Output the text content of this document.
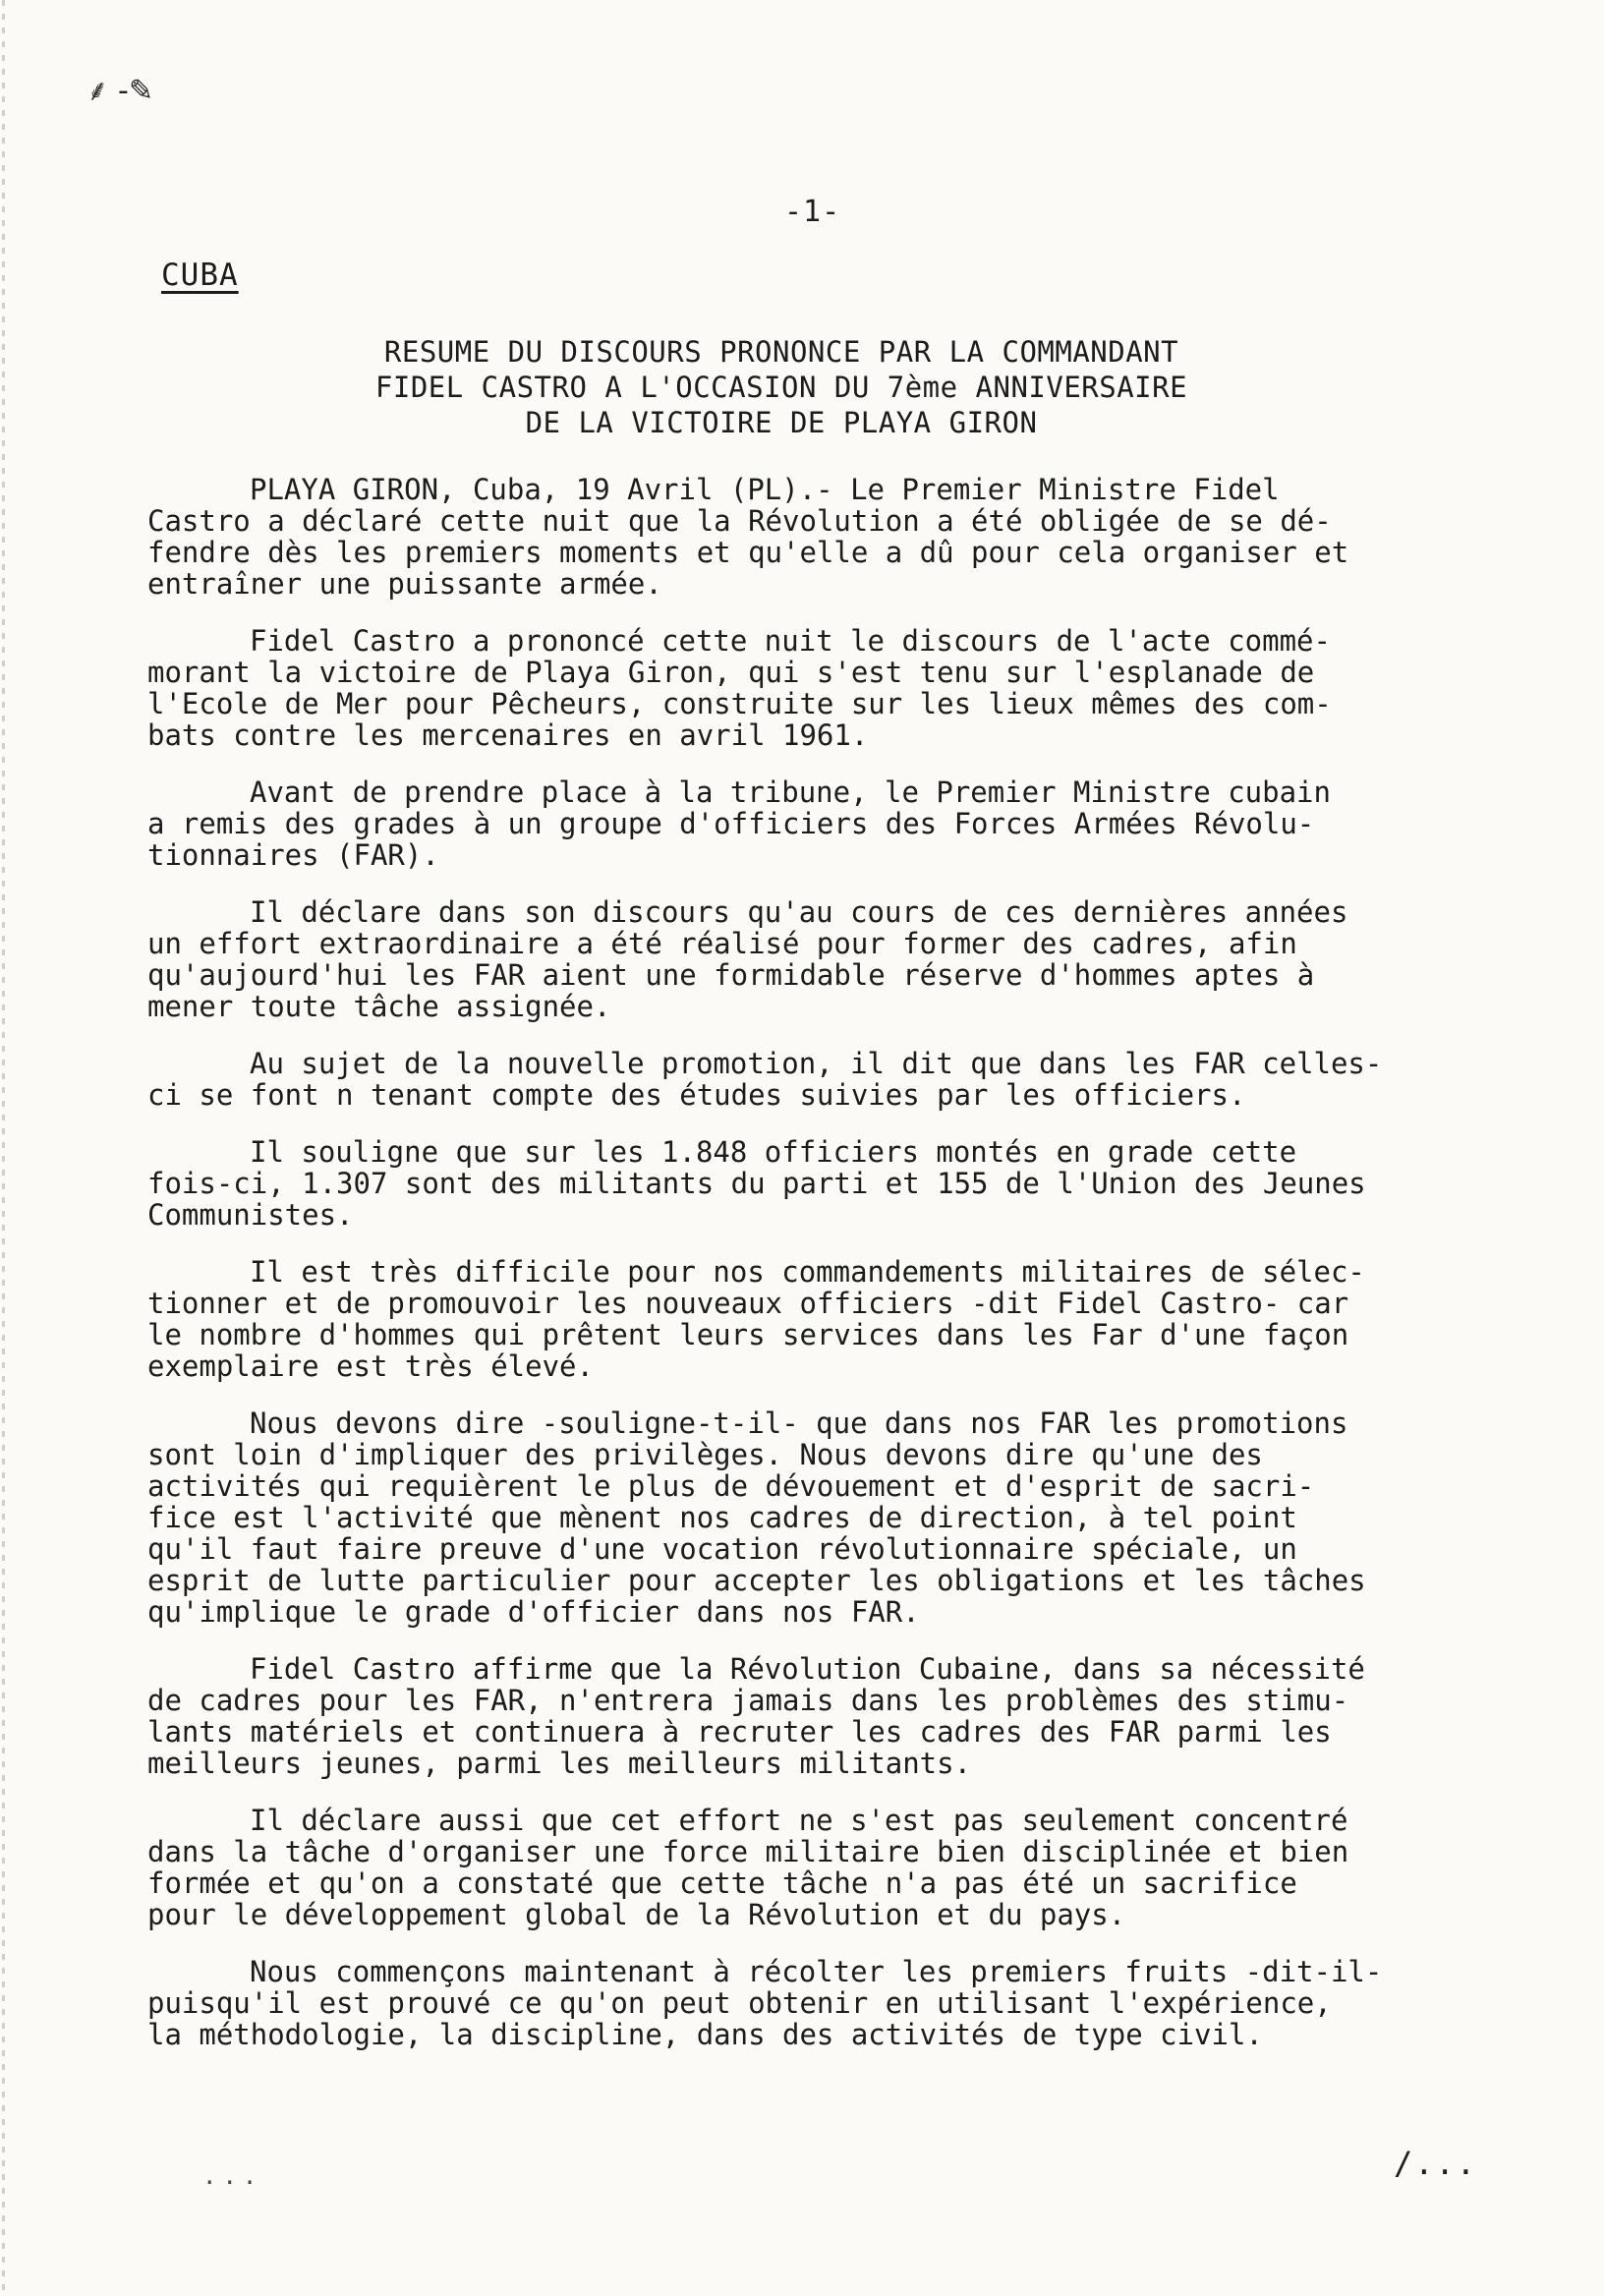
⸙ -✎
-1-
CUBA
RESUME DU DISCOURS PRONONCE PAR LA COMMANDANT
FIDEL CASTRO A L'OCCASION DU 7ème ANNIVERSAIRE
DE LA VICTOIRE DE PLAYA GIRON
PLAYA GIRON, Cuba, 19 Avril (PL).- Le Premier Ministre Fidel
Castro a déclaré cette nuit que la Révolution a été obligée de se dé-
fendre dès les premiers moments et qu'elle a dû pour cela organiser et
entraîner une puissante armée.
Fidel Castro a prononcé cette nuit le discours de l'acte commé-
morant la victoire de Playa Giron, qui s'est tenu sur l'esplanade de
l'Ecole de Mer pour Pêcheurs, construite sur les lieux mêmes des com-
bats contre les mercenaires en avril 1961.
Avant de prendre place à la tribune, le Premier Ministre cubain
a remis des grades à un groupe d'officiers des Forces Armées Révolu-
tionnaires (FAR).
Il déclare dans son discours qu'au cours de ces dernières années
un effort extraordinaire a été réalisé pour former des cadres, afin
qu'aujourd'hui les FAR aient une formidable réserve d'hommes aptes à
mener toute tâche assignée.
Au sujet de la nouvelle promotion, il dit que dans les FAR celles-
ci se font n tenant compte des études suivies par les officiers.
Il souligne que sur les 1.848 officiers montés en grade cette
fois-ci, 1.307 sont des militants du parti et 155 de l'Union des Jeunes
Communistes.
Il est très difficile pour nos commandements militaires de sélec-
tionner et de promouvoir les nouveaux officiers -dit Fidel Castro- car
le nombre d'hommes qui prêtent leurs services dans les Far d'une façon
exemplaire est très élevé.
Nous devons dire -souligne-t-il- que dans nos FAR les promotions
sont loin d'impliquer des privilèges. Nous devons dire qu'une des
activités qui requièrent le plus de dévouement et d'esprit de sacri-
fice est l'activité que mènent nos cadres de direction, à tel point
qu'il faut faire preuve d'une vocation révolutionnaire spéciale, un
esprit de lutte particulier pour accepter les obligations et les tâches
qu'implique le grade d'officier dans nos FAR.
Fidel Castro affirme que la Révolution Cubaine, dans sa nécessité
de cadres pour les FAR, n'entrera jamais dans les problèmes des stimu-
lants matériels et continuera à recruter les cadres des FAR parmi les
meilleurs jeunes, parmi les meilleurs militants.
Il déclare aussi que cet effort ne s'est pas seulement concentré
dans la tâche d'organiser une force militaire bien disciplinée et bien
formée et qu'on a constaté que cette tâche n'a pas été un sacrifice
pour le développement global de la Révolution et du pays.
Nous commençons maintenant à récolter les premiers fruits -dit-il-
puisqu'il est prouvé ce qu'on peut obtenir en utilisant l'expérience,
la méthodologie, la discipline, dans des activités de type civil.
...	/...
